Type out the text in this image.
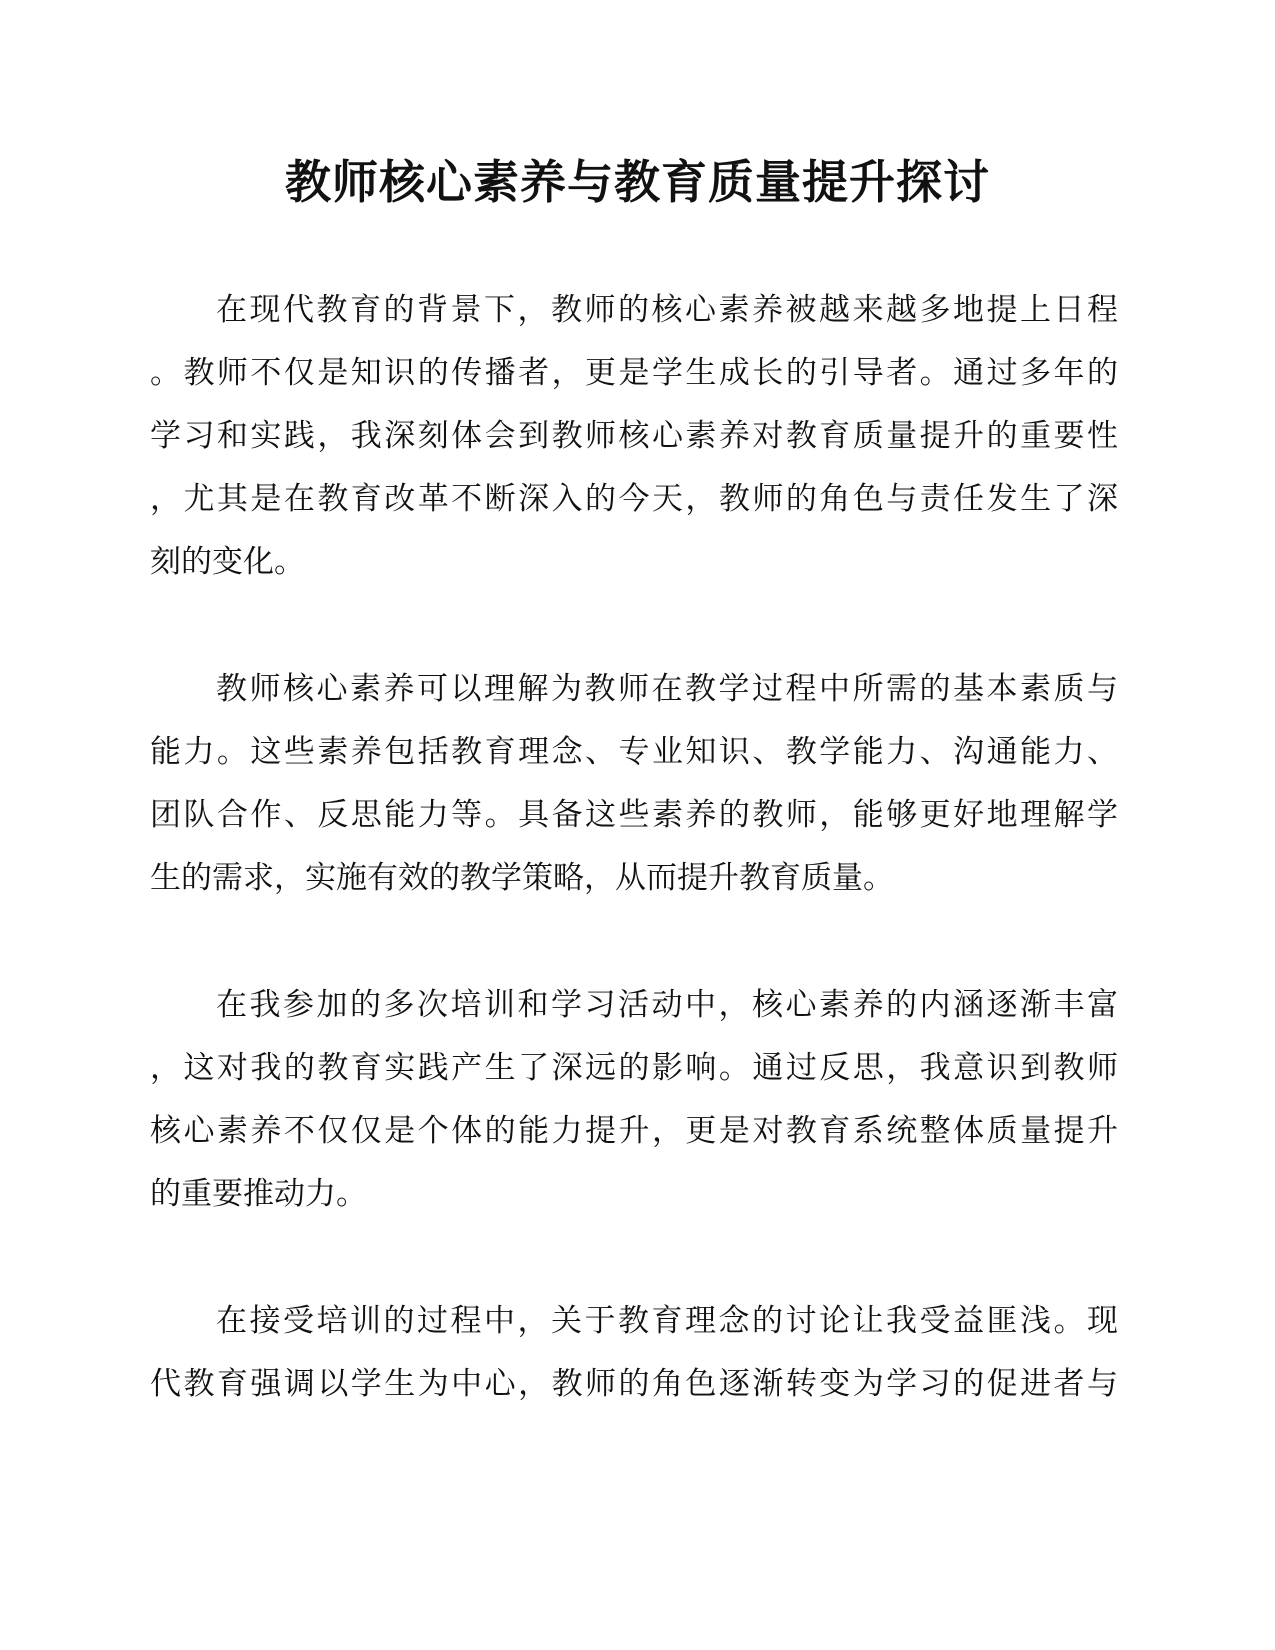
教师核心素养与教育质量提升探讨
在现代教育的背景下，教师的核心素养被越来越多地提上日程
。教师不仅是知识的传播者，更是学生成长的引导者。通过多年的
学习和实践，我深刻体会到教师核心素养对教育质量提升的重要性
，尤其是在教育改革不断深入的今天，教师的角色与责任发生了深
刻的变化。
教师核心素养可以理解为教师在教学过程中所需的基本素质与
能力。这些素养包括教育理念、专业知识、教学能力、沟通能力、
团队合作、反思能力等。具备这些素养的教师，能够更好地理解学
生的需求，实施有效的教学策略，从而提升教育质量。
在我参加的多次培训和学习活动中，核心素养的内涵逐渐丰富
，这对我的教育实践产生了深远的影响。通过反思，我意识到教师
核心素养不仅仅是个体的能力提升，更是对教育系统整体质量提升
的重要推动力。
在接受培训的过程中，关于教育理念的讨论让我受益匪浅。现
代教育强调以学生为中心，教师的角色逐渐转变为学习的促进者与
